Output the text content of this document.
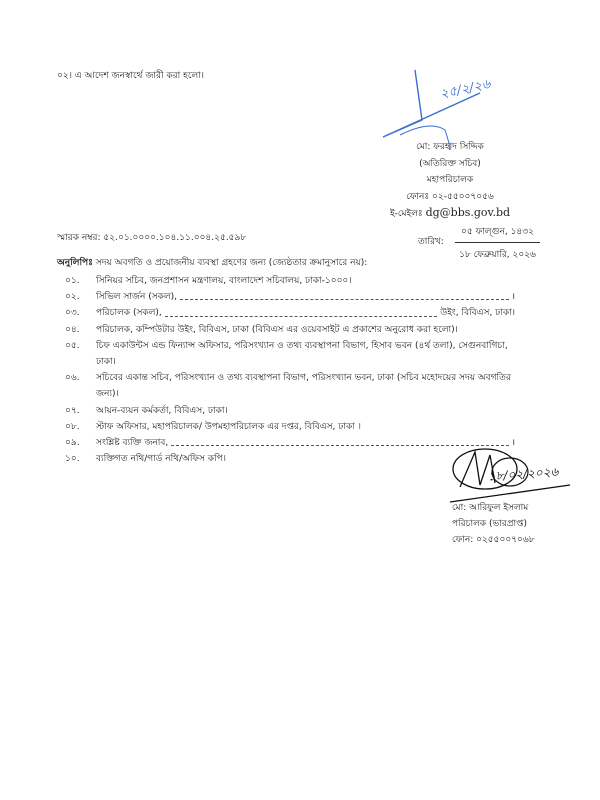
০২। এ আদেশ জনস্বার্থে জারী করা হলো।
২৫/২/২৬
মো: ফরহাদ সিদ্দিক
(অতিরিক্ত সচিব)
মহাপরিচালক
ফোনঃ ০২-৫৫০০৭০৫৬
ই-মেইলঃ dg@bbs.gov.bd
স্মারক নম্বর: ৫২.০১.০০০০.১০৪.১১.০০৪.২৫.৫৯৮	তারিখ:
০৫ ফাল্গুন, ১৪৩২
১৮ ফেব্রুয়ারি, ২০২৬
অনুলিপিঃ সদয় অবগতি ও প্রয়োজনীয় ব্যবস্থা গ্রহণের জন্য (জ্যেষ্ঠতার ক্রমানুসারে নয়):
০১.	সিনিয়র সচিব, জনপ্রশাসন মন্ত্রণালয়, বাংলাদেশ সচিবালয়, ঢাকা-১০০০।
০২.	সিভিল সার্জন (সকল),	।
০৩.	পরিচালক (সকল),	উইং, বিবিএস, ঢাকা।
০৪.	পরিচালক, কম্পিউটার উইং, বিবিএস, ঢাকা (বিবিএস এর ওয়েবসাইট এ প্রকাশের অনুরোধ করা হলো)।
০৫.	চিফ একাউন্টস এন্ড ফিন্যান্স অফিসার, পরিসংখ্যান ও তথ্য ব্যবস্থাপনা বিভাগ, হিসাব ভবন (৪র্থ তলা), সেগুনবাগিচা, ঢাকা।
০৬.	সচিবের একান্ত সচিব, পরিসংখ্যান ও তথ্য ব্যবস্থাপনা বিভাগ, পরিসংখ্যান ভবন, ঢাকা (সচিব মহোদয়ের সদয় অবগতির জন্য)।
০৭.	আয়ন-ব্যয়ন কর্মকর্তা, বিবিএস, ঢাকা।
০৮.	স্টাফ অফিসার, মহাপরিচালক/ উপমহাপরিচালক এর দপ্তর, বিবিএস, ঢাকা ।
০৯.	সংশ্লিষ্ট ব্যক্তি জনাব,	।
১০.	ব্যক্তিগত নথি/গার্ড নথি/অফিস কপি।
১৮/০২/২০২৬
মো: আরিফুল ইসলাম
পরিচালক (ভারপ্রাপ্ত)
ফোন: ০২৫৫০০৭০৬৮
